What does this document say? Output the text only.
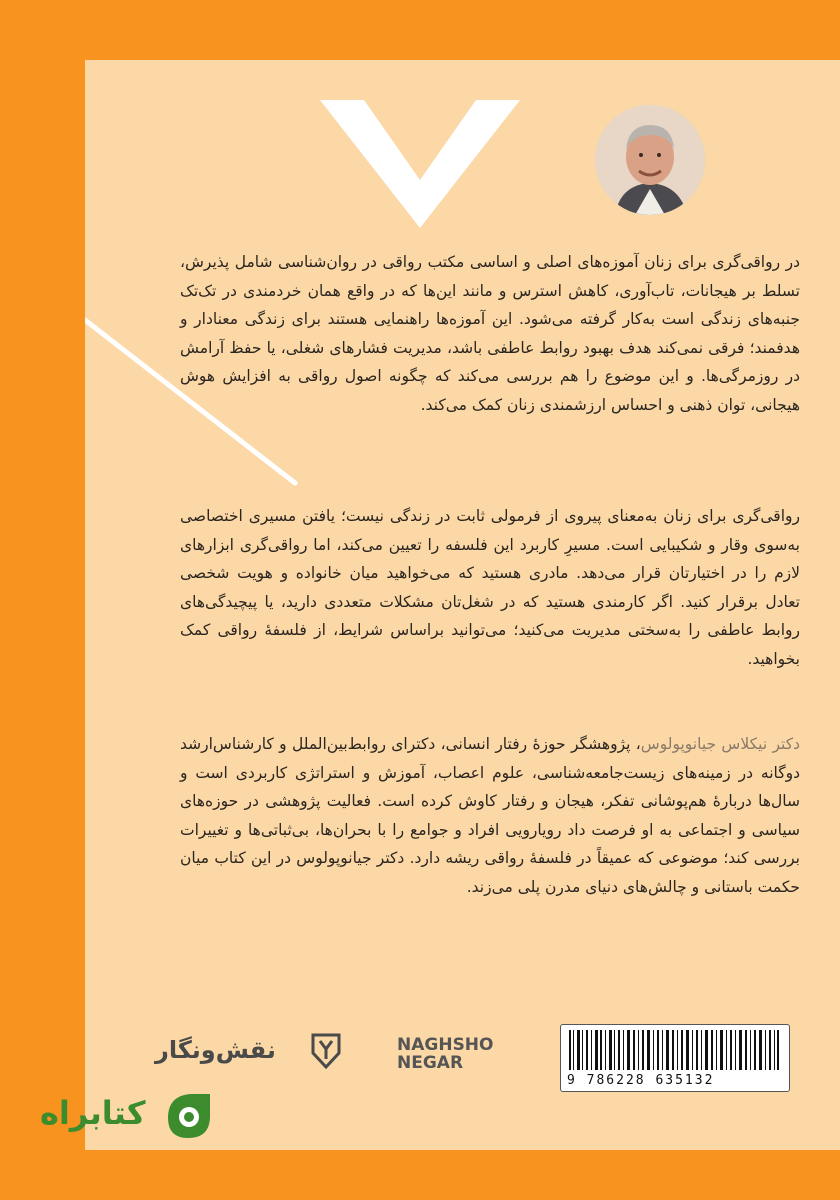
در رواقی‌گری برای زنان آموزه‌های اصلی و اساسی مکتب رواقی در روان‌شناسی شامل پذیرش، تسلط بر هیجانات، تاب‌آوری، کاهش استرس و مانند این‌ها که در واقع همان خردمندی در تک‌تک جنبه‌های زندگی است به‌کار گرفته می‌شود. این آموزه‌ها راهنمایی هستند برای زندگی معنادار و هدفمند؛ فرقی نمی‌کند هدف بهبود روابط عاطفی باشد، مدیریت فشارهای شغلی، یا حفظ آرامش در روزمرگی‌ها. و این موضوع را هم بررسی می‌کند که چگونه اصول رواقی به افزایش هوش هیجانی، توان ذهنی و احساس ارزشمندی زنان کمک می‌کند.

رواقی‌گری برای زنان به‌معنای پیروی از فرمولی ثابت در زندگی نیست؛ یافتن مسیری اختصاصی به‌سوی وقار و شکیبایی است. مسیرِ کاربرد این فلسفه را تعیین می‌کند، اما رواقی‌گری ابزارهای لازم را در اختیارتان قرار می‌دهد. مادری هستید که می‌خواهید میان خانواده و هویت شخصی تعادل برقرار کنید. اگر کارمندی هستید که در شغل‌تان مشکلات متعددی دارید، یا پیچیدگی‌های روابط عاطفی را به‌سختی مدیریت می‌کنید؛ می‌توانید براساس شرایط، از فلسفهٔ رواقی کمک بخواهید.

دکتر نیکلاس جیانوپولوس، پژوهشگر حوزهٔ رفتار انسانی، دکترای روابط‌بین‌الملل و کارشناس‌ارشد دوگانه در زمینه‌های زیست‌جامعه‌شناسی، علوم اعصاب، آموزش و استراتژی کاربردی است و سال‌ها دربارهٔ هم‌پوشانی تفکر، هیجان و رفتار کاوش کرده است. فعالیت پژوهشی در حوزه‌های سیاسی و اجتماعی به او فرصت داد رویارویی افراد و جوامع را با بحران‌ها، بی‌ثباتی‌ها و تغییرات بررسی کند؛ موضوعی که عمیقاً در فلسفهٔ رواقی ریشه دارد. دکتر جیانوپولوس در این کتاب میان حکمت باستانی و چالش‌های دنیای مدرن پلی می‌زند.

نقش‌ونگار	NAGHSHO
NEGAR
9 786228 635132
کتابراه
